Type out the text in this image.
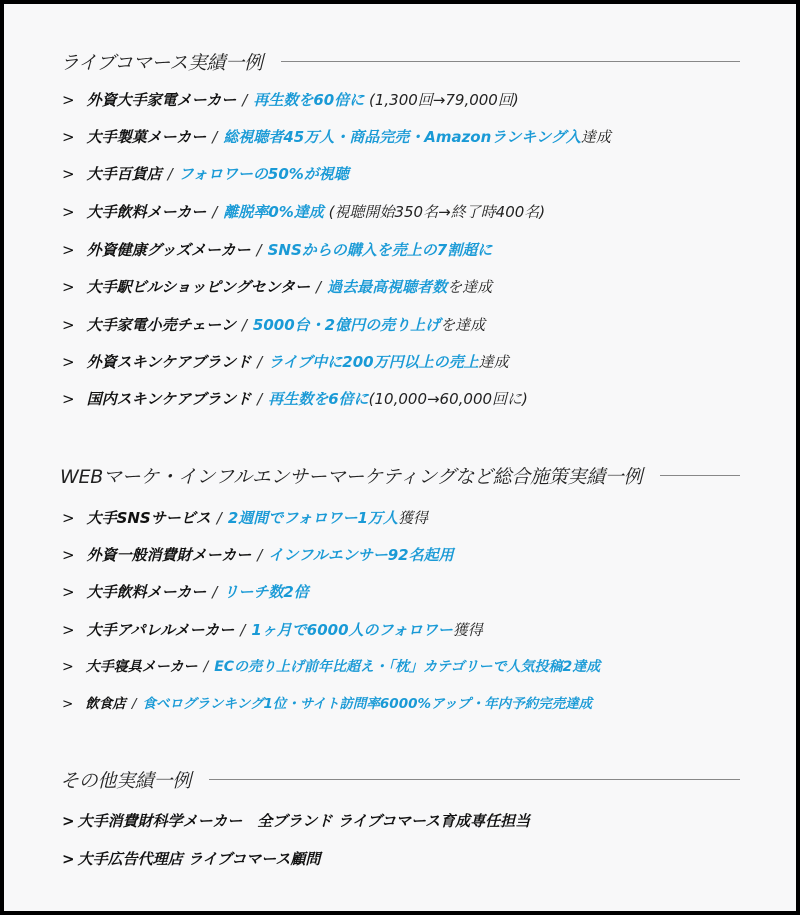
ライブコマース実績一例
> 外資大手家電メーカー / 再生数を60倍に (1,300回→79,000回)
> 大手製菓メーカー / 総視聴者45万人・商品完売・Amazonランキング入達成
> 大手百貨店 / フォロワーの50%が視聴
> 大手飲料メーカー / 離脱率0%達成 (視聴開始350名→終了時400名)
> 外資健康グッズメーカー / SNSからの購入を売上の7割超に
> 大手駅ビルショッピングセンター / 過去最高視聴者数を達成
> 大手家電小売チェーン / 5000台・2億円の売り上げを達成
> 外資スキンケアブランド / ライブ中に200万円以上の売上達成
> 国内スキンケアブランド / 再生数を6倍に(10,000→60,000回に)
WEBマーケ・インフルエンサーマーケティングなど総合施策実績一例
> 大手SNSサービス / 2週間でフォロワー1万人獲得
> 外資一般消費財メーカー / インフルエンサー92名起用
> 大手飲料メーカー / リーチ数2倍
> 大手アパレルメーカー / 1ヶ月で6000人のフォロワー獲得
> 大手寝具メーカー / ECの売り上げ前年比超え・「枕」カテゴリーで人気投稿2達成
> 飲食店 / 食べログランキング1位・サイト訪問率6000%アップ・年内予約完売達成
その他実績一例
> 大手消費財科学メーカー　全ブランド ライブコマース育成専任担当
> 大手広告代理店 ライブコマース顧問
